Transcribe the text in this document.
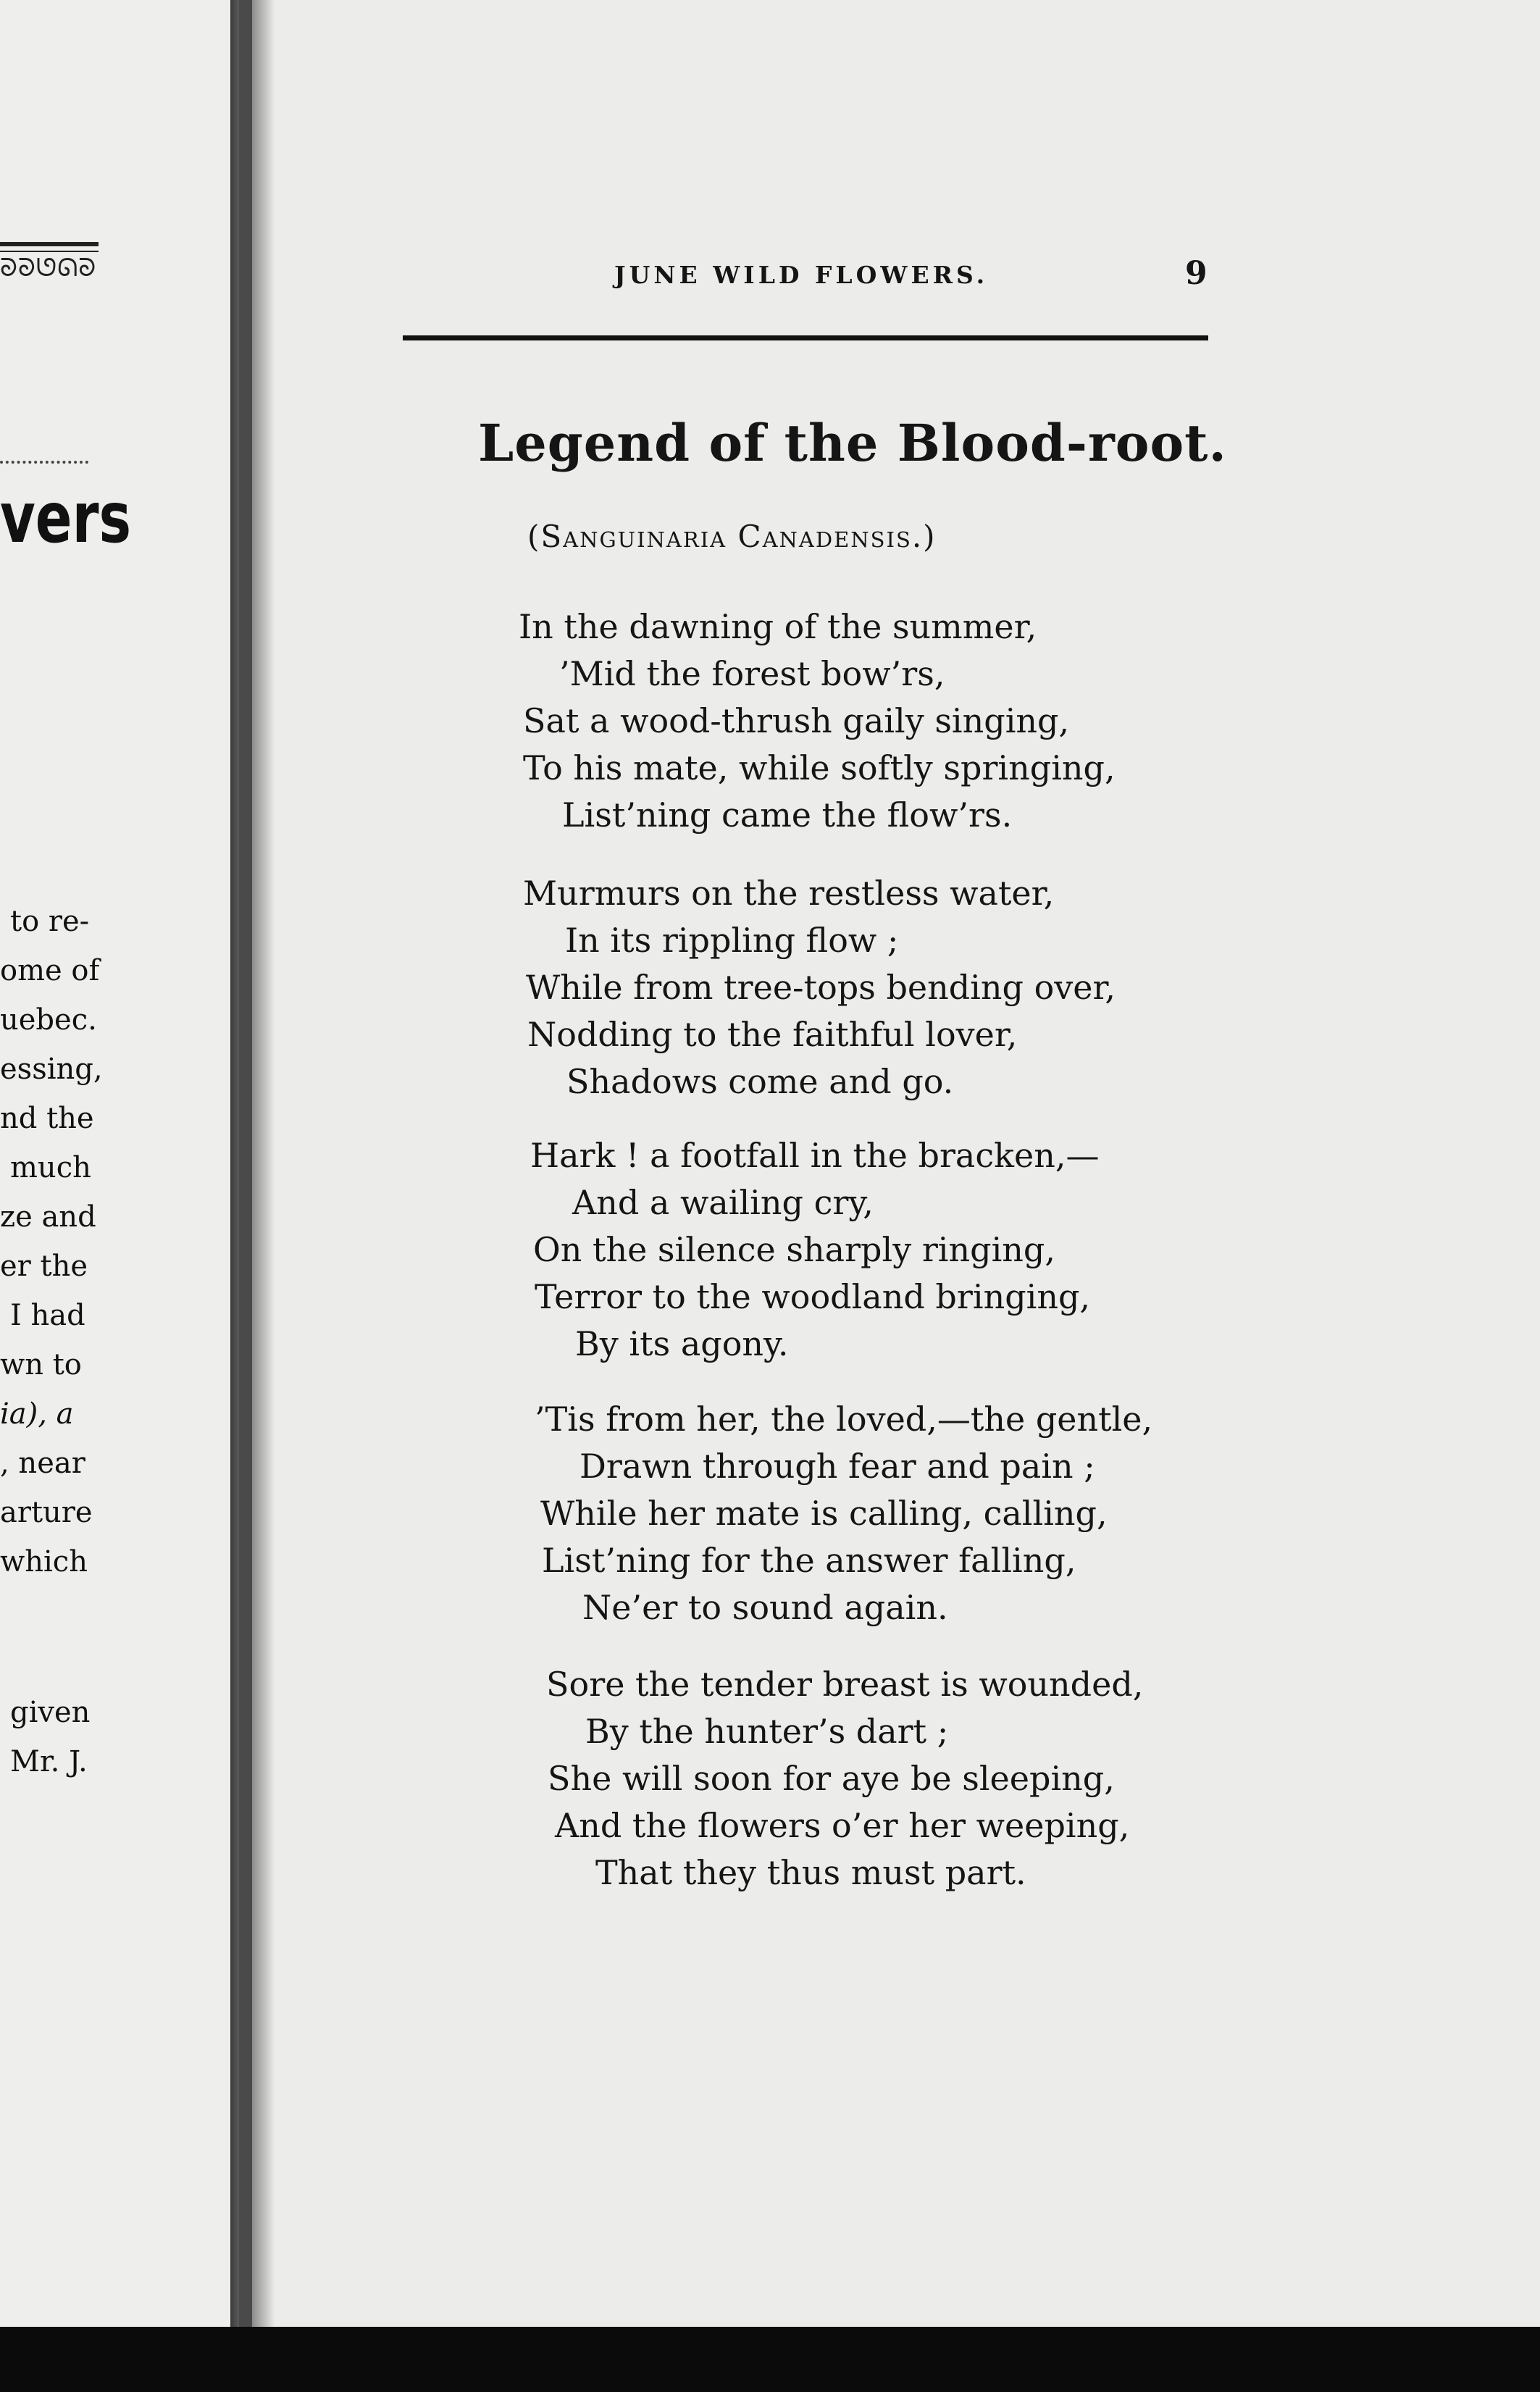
ᘐᘐᘎᘏᘐ
vers
to re-
ome of
uebec.
essing,
nd the
much
ze and
er the
I had
wn to
ia), a
, near
arture
which
given
Mr. J.
JUNE WILD FLOWERS.	9
Legend of the Blood-root.
(Sanguinaria Canadensis.)
In the dawning of the summer,
’Mid the forest bow’rs,
Sat a wood-thrush gaily singing,
To his mate, while softly springing,
List’ning came the flow’rs.
Murmurs on the restless water,
In its rippling flow ;
While from tree-tops bending over,
Nodding to the faithful lover,
Shadows come and go.
Hark ! a footfall in the bracken,—
And a wailing cry,
On the silence sharply ringing,
Terror to the woodland bringing,
By its agony.
’Tis from her, the loved,—the gentle,
Drawn through fear and pain ;
While her mate is calling, calling,
List’ning for the answer falling,
Ne’er to sound again.
Sore the tender breast is wounded,
By the hunter’s dart ;
She will soon for aye be sleeping,
And the flowers o’er her weeping,
That they thus must part.
